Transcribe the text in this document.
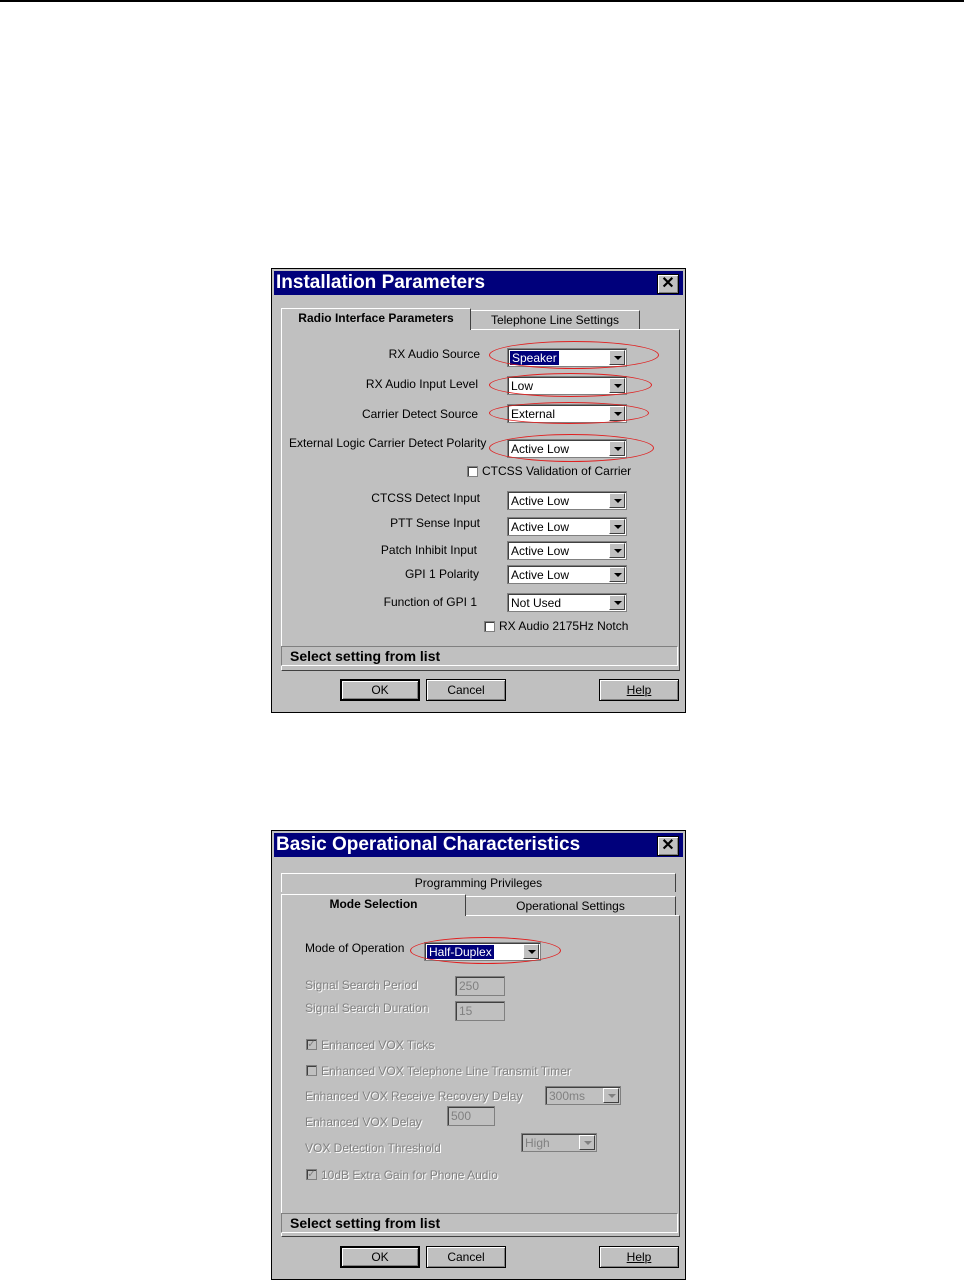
Installation Parameters	✕
Radio Interface Parameters	Telephone Line Settings
RX Audio Source	Speaker
RX Audio Input Level	Low
Carrier Detect Source	External
External Logic Carrier Detect Polarity Active Low
CTCSS Validation of Carrier
CTCSS Detect Input	Active Low
PTT Sense Input	Active Low
Patch Inhibit Input	Active Low
GPI 1 Polarity	Active Low
Function of GPI 1	Not Used
RX Audio 2175Hz Notch
Select setting from list
OK	Cancel	Help
Basic Operational Characteristics	✕
Programming Privileges
Mode Selection	Operational Settings
Mode of Operation Half-Duplex
Signal Search Period	250
Signal Search Duration	15
✓ Enhanced VOX Ticks
Enhanced VOX Telephone Line Transmit Timer
Enhanced VOX Receive Recovery Delay 300ms
Enhanced VOX Delay 500
VOX Detection Threshold	High
✓ 10dB Extra Gain for Phone Audio
Select setting from list
OK	Cancel	Help
